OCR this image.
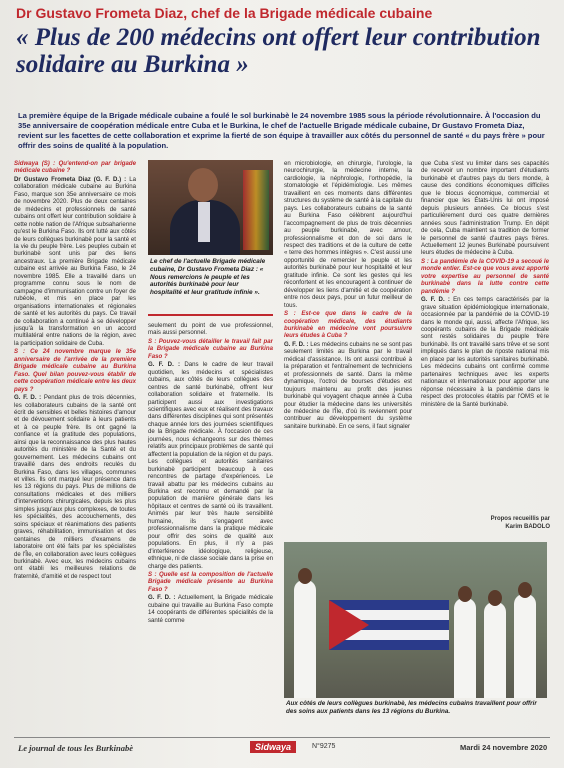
Dr Gustavo Frometa Diaz, chef de la Brigade médicale cubaine
« Plus de 200 médecins ont offert leur contribution solidaire au Burkina »
La première équipe de la Brigade médicale cubaine a foulé le sol burkinabè le 24 novembre 1985 sous la période révolutionnaire. À l'occasion du 35e anniversaire de coopération médicale entre Cuba et le Burkina, le chef de l'actuelle Brigade médicale cubaine, Dr Gustavo Frometa Diaz, revient sur les facettes de cette collaboration et exprime la fierté de son équipe à travailler aux côtés du personnel de santé « du pays frère » pour offrir des soins de qualité à la population.

Sidwaya (S) : Qu'entend-on par brigade médicale cubaine ?

Dr Gustavo Frometa Diaz (G. F. D.) : La collaboration médicale cubaine au Burkina Faso, marque son 35e anniversaire ce mois de novembre 2020. Plus de deux centaines de médecins et professionnels de santé cubains ont offert leur contribution solidaire à cette noble nation de l'Afrique subsaharienne qu'est le Burkina Faso. Ils ont lutté aux côtés de leurs collègues burkinabè pour la santé et la vie du peuple frère. Les peuples cubain et burkinabè sont unis par des liens ancestraux. La première Brigade médicale cubaine est arrivée au Burkina Faso, le 24 novembre 1985. Elle a travaillé dans un programme connu sous le nom de campagne d'immunisation contre un foyer de rubéole, et mis en place par les organisations internationales et régionales de santé et les autorités du pays. Ce travail de collaboration a continué à se développer jusqu'à la transformation en un accord multilatéral entre nations de la région, avec la participation solidaire de Cuba.

S : Ce 24 novembre marque le 35e anniversaire de l'arrivée de la première Brigade médicale cubaine au Burkina Faso. Quel bilan pouvez-vous établir de cette coopération médicale entre les deux pays ?

G. F. D. : Pendant plus de trois décennies, les collaborateurs cubains de la santé ont écrit de sensibles et belles histoires d'amour et de dévouement solidaire à leurs patients et à ce peuple frère. Ils ont gagné la confiance et la gratitude des populations, ainsi que la reconnaissance des plus hautes autorités du ministère de la Santé et du gouvernement. Les médecins cubains ont travaillé dans des endroits reculés du Burkina Faso, dans les villages, communes et villes. Ils ont marqué leur présence dans les 13 régions du pays. Plus de millions de consultations médicales et des milliers d'interventions chirurgicales, depuis les plus simples jusqu'aux plus complexes, de toutes les spécialités, des accouchements, des soins spéciaux et réanimations des patients graves, réhabilitation, immunisation et des centaines de milliers d'examens de laboratoire ont été faits par les spécialistes de l'Île, en collaboration avec leurs collègues burkinabè. Avec eux, les médecins cubains ont établi les meilleures relations de fraternité, d'amitié et de respect tout

Le chef de l'actuelle Brigade médicale cubaine, Dr Gustavo Frometa Diaz : « Nous remercions le peuple et les autorités burkinabè pour leur hospitalité et leur gratitude infinie ».

seulement du point de vue professionnel, mais aussi personnel.

S : Pouvez-vous détailler le travail fait par la Brigade médicale cubaine au Burkina Faso ?

G. F. D. : Dans le cadre de leur travail quotidien, les médecins et spécialistes cubains, aux côtés de leurs collègues des centres de santé burkinabè, offrent leur collaboration solidaire et fraternelle. Ils participent aussi aux investigations scientifiques avec eux et réalisent des travaux dans différentes disciplines qui sont présentés chaque année lors des journées scientifiques de la Brigade médicale. À l'occasion de ces journées, nous échangeons sur des thèmes relatifs aux principaux problèmes de santé qui affectent la population de la région et du pays. Les collègues et autorités sanitaires burkinabè participent beaucoup à ces rencontres de partage d'expériences. Le travail abattu par les médecins cubains au Burkina est reconnu et demandé par la population de manière générale dans les hôpitaux et centres de santé où ils travaillent. Animés par leur très haute sensibilité humaine, ils s'engagent avec professionnalisme dans la pratique médicale pour offrir des soins de qualité aux populations. En plus, il n'y a pas d'interférence idéologique, religieuse, ethnique, ni de classe sociale dans la prise en charge des patients.

S : Quelle est la composition de l'actuelle Brigade médicale présente au Burkina Faso ?

G. F. D. : Actuellement, la Brigade médicale cubaine qui travaille au Burkina Faso compte 14 coopérants de différentes spécialités de la santé comme

en microbiologie, en chirurgie, l'urologie, la neurochirurgie, la médecine interne, la cardiologie, la néphrologie, l'orthopédie, la stomatologie et l'épidémiologie. Les mêmes travaillent en ces moments dans différentes structures du système de santé à la capitale du pays. Les collaborateurs cubains de la santé au Burkina Faso célèbrent aujourd'hui l'accompagnement de plus de trois décennies au peuple burkinabè, avec amour, professionnalisme et don de soi dans le respect des traditions et de la culture de cette « terre des hommes intègres ». C'est aussi une opportunité de remercier le peuple et les autorités burkinabè pour leur hospitalité et leur gratitude infinie. Ce sont les gestes qui les réconfortent et les encouragent à continuer de développer les liens d'amitié et de coopération entre nos deux pays, pour un futur meilleur de tous.

S : Est-ce que dans le cadre de la coopération médicale, des étudiants burkinabè en médecine vont poursuivre leurs études à Cuba ?

G. F. D. : Les médecins cubains ne se sont pas seulement limités au Burkina par le travail médical d'assistance. Ils ont aussi contribué à la préparation et l'entraînement de techniciens et professionnels de santé. Dans la même dynamique, l'octroi de bourses d'études est toujours maintenu au profit des jeunes burkinabè qui voyagent chaque année à Cuba pour étudier la médecine dans les universités de médecine de l'Île, d'où ils reviennent pour contribuer au développement du système sanitaire burkinabè. En ce sens, il faut signaler

que Cuba s'est vu limiter dans ses capacités de recevoir un nombre important d'étudiants burkinabè et d'autres pays du tiers monde, à cause des conditions économiques difficiles que le blocus économique, commercial et financier que les États-Unis lui ont imposé depuis plusieurs années. Ce blocus s'est particulièrement durci ces quatre dernières années sous l'administration Trump. En dépit de cela, Cuba maintient sa tradition de former le personnel de santé d'autres pays frères. Actuellement 12 jeunes Burkinabè poursuivent leurs études de médecine à Cuba.

S : La pandémie de la COVID-19 a secoué le monde entier. Est-ce que vous avez apporté votre expertise au personnel de santé burkinabè dans la lutte contre cette pandémie ?

G. F. D. : En ces temps caractérisés par la grave situation épidémiologique internationale, occasionnée par la pandémie de la COVID-19 dans le monde qui, aussi, affecte l'Afrique, les coopérants cubains de la Brigade médicale sont restés solidaires du peuple frère burkinabè. Ils ont travaillé sans trêve et se sont impliqués dans le plan de riposte national mis en place par les autorités sanitaires burkinabè. Les médecins cubains ont confirmé comme partenaires techniques avec les experts nationaux et internationaux pour apporter une réponse nécessaire à la pandémie dans le respect des protocoles établis par l'OMS et le ministère de la Santé burkinabè.

Propos recueillis par
Karim BADOLO
Aux côtés de leurs collègues burkinabè, les médecins cubains travaillent pour offrir des soins aux patients dans les 13 régions du Burkina.
Le journal de tous les Burkinabè	Sidwaya	N°9275	Mardi 24 novembre 2020
